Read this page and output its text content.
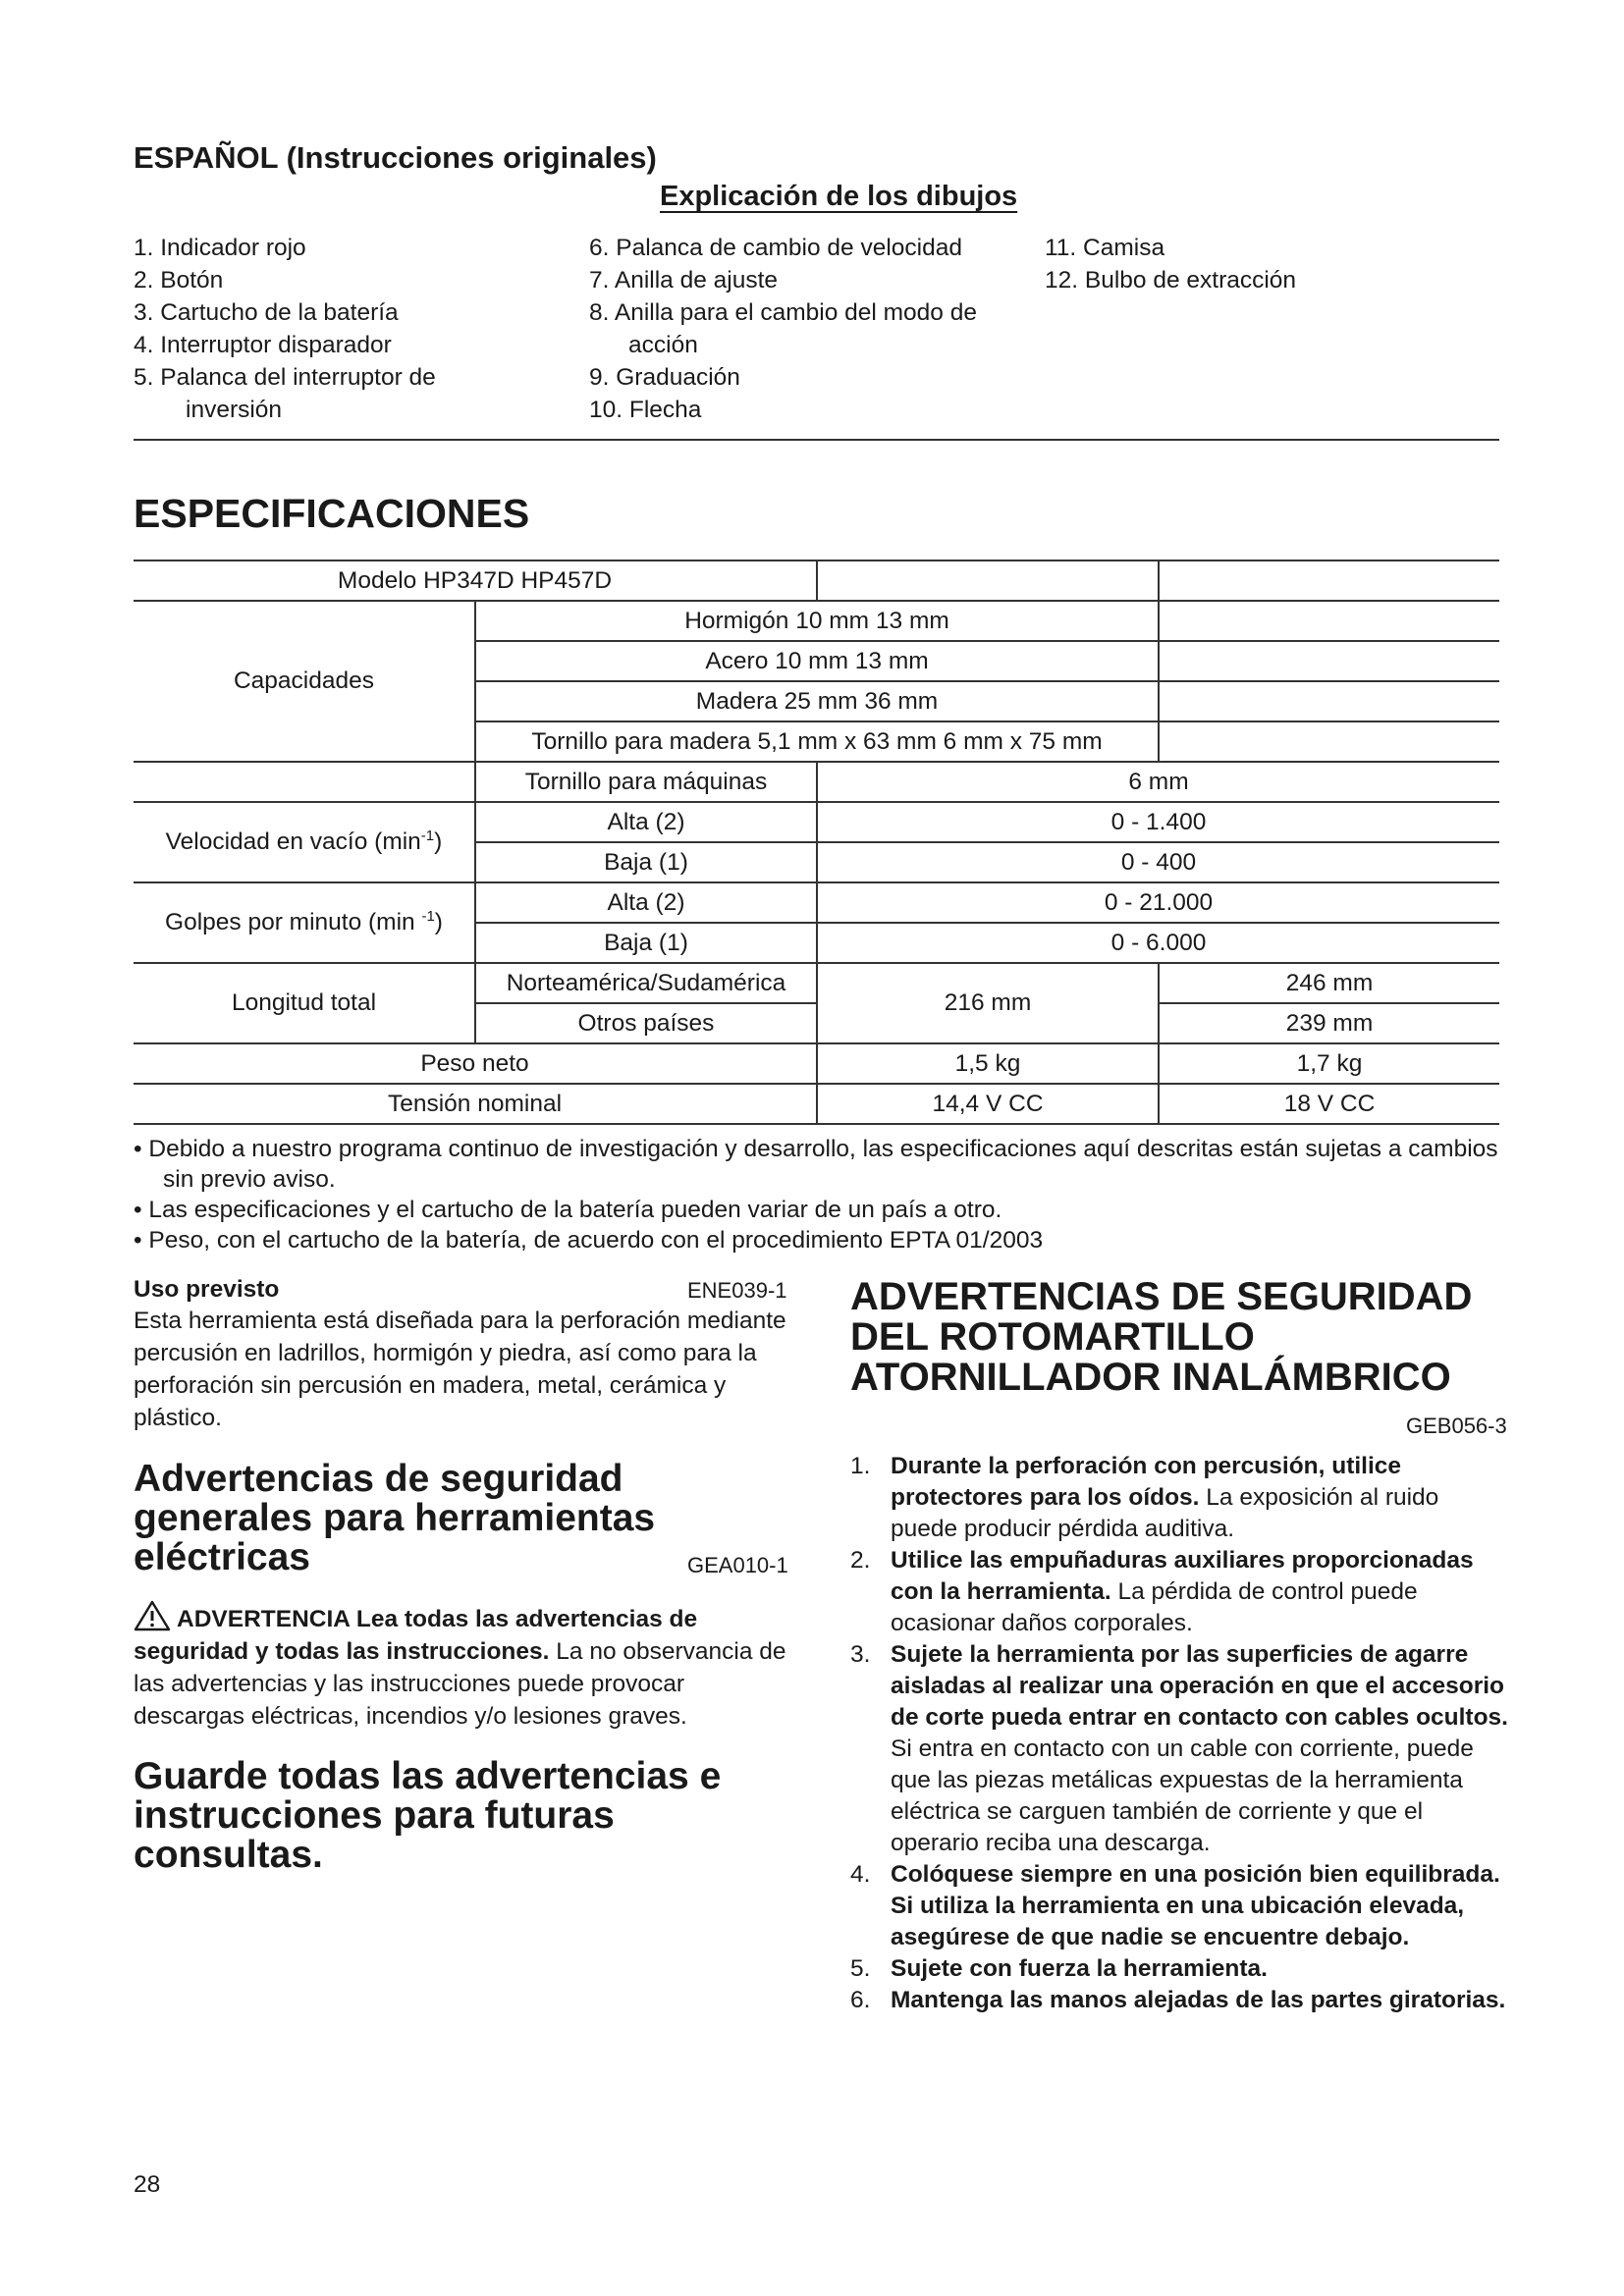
ESPAÑOL (Instrucciones originales)
Explicación de los dibujos
1. Indicador rojo
2. Botón
3. Cartucho de la batería
4. Interruptor disparador
5. Palanca del interruptor de
inversión
6. Palanca de cambio de velocidad
7. Anilla de ajuste
8. Anilla para el cambio del modo de
acción
9. Graduación
10. Flecha
11. Camisa
12. Bulbo de extracción
ESPECIFICACIONES
Modelo HP347D HP457D			
Capacidades	Hormigón 10 mm 13 mm		
	Acero 10 mm 13 mm		
	Madera 25 mm 36 mm		
	Tornillo para madera 5,1 mm x 63 mm 6 mm x 75 mm		
	Tornillo para máquinas	6 mm	
Velocidad en vacío $(\min^{-1})$	Alta (2)	0 - 1.400	
	Baja (1)	0 - 400	
Golpes por minuto (min $^{-1}$)	Alta (2)	0 - 21.000	
	Baja (1)	0 - 6.000	
Longitud total	Norteamérica/Sudamérica	216 mm	246 mm
	Otros países		239 mm
Peso neto		1,5 kg	1,7 kg
Tensión nominal		14,4 V CC	18 V CC
• Debido a nuestro programa continuo de investigación y desarrollo, las especificaciones aquí descritas están sujetas a cambios sin previo aviso.
• Las especificaciones y el cartucho de la batería pueden variar de un país a otro.
• Peso, con el cartucho de la batería, de acuerdo con el procedimiento EPTA 01/2003
Uso previsto	ENE039-1
Esta herramienta está diseñada para la perforación mediante percusión en ladrillos, hormigón y piedra, así como para la perforación sin percusión en madera, metal, cerámica y plástico.
Advertencias de seguridad generales para herramientas eléctricas	GEA010-1
ADVERTENCIA Lea todas las advertencias de seguridad y todas las instrucciones. La no observancia de las advertencias y las instrucciones puede provocar descargas eléctricas, incendios y/o lesiones graves.
Guarde todas las advertencias e instrucciones para futuras consultas.
ADVERTENCIAS DE SEGURIDAD DEL ROTOMARTILLO ATORNILLADOR INALÁMBRICO
GEB056-3
1. Durante la perforación con percusión, utilice protectores para los oídos. La exposición al ruido puede producir pérdida auditiva.
2. Utilice las empuñaduras auxiliares proporcionadas con la herramienta. La pérdida de control puede ocasionar daños corporales.
3. Sujete la herramienta por las superficies de agarre aisladas al realizar una operación en que el accesorio de corte pueda entrar en contacto con cables ocultos. Si entra en contacto con un cable con corriente, puede que las piezas metálicas expuestas de la herramienta eléctrica se carguen también de corriente y que el operario reciba una descarga.
4. Colóquese siempre en una posición bien equilibrada.
Si utiliza la herramienta en una ubicación elevada, asegúrese de que nadie se encuentre debajo.
5. Sujete con fuerza la herramienta.
6. Mantenga las manos alejadas de las partes giratorias.
28
